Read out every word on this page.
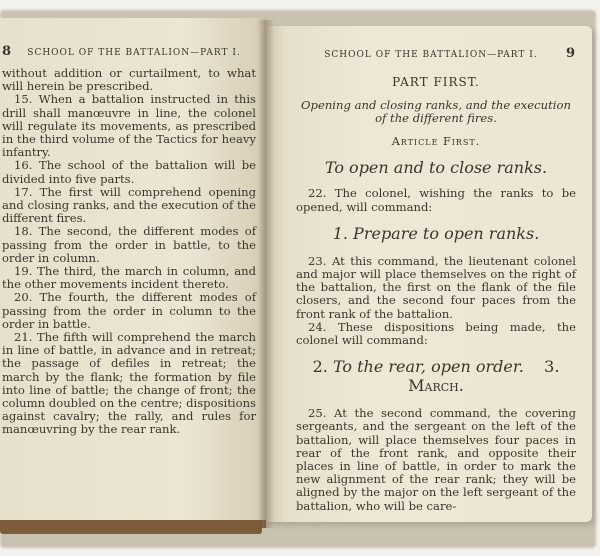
8	SCHOOL OF THE BATTALION—PART I.

without addition or curtailment, to what will herein be prescribed.

15. When a battalion instructed in this drill shall manœuvre in line, the colonel will regulate its movements, as prescribed in the third volume of the Tactics for heavy infantry.

16. The school of the battalion will be divided into five parts.

17. The first will comprehend opening and closing ranks, and the execution of the different fires.

18. The second, the different modes of passing from the order in battle, to the order in column.

19. The third, the march in column, and the other movements incident thereto.

20. The fourth, the different modes of passing from the order in column to the order in battle.

21. The fifth will comprehend the march in line of battle, in advance and in retreat; the passage of defiles in retreat; the march by the flank; the formation by file into line of battle; the change of front; the column doubled on the centre; dispositions against cavalry; the rally, and rules for manœuvring by the rear rank.

SCHOOL OF THE BATTALION—PART I.	9
PART FIRST.
Opening and closing ranks, and the execution of the different fires.
Article First.
To open and to close ranks.

22. The colonel, wishing the ranks to be opened, will command:

1. Prepare to open ranks.

23. At this command, the lieutenant colonel and major will place themselves on the right of the battalion, the first on the flank of the file closers, and the second four paces from the front rank of the battalion.

24. These dispositions being made, the colonel will command:

2. To the rear, open order. 3. March.

25. At the second command, the covering sergeants, and the sergeant on the left of the battalion, will place themselves four paces in rear of the front rank, and opposite their places in line of battle, in order to mark the new alignment of the rear rank; they will be aligned by the major on the left sergeant of the battalion, who will be care-
